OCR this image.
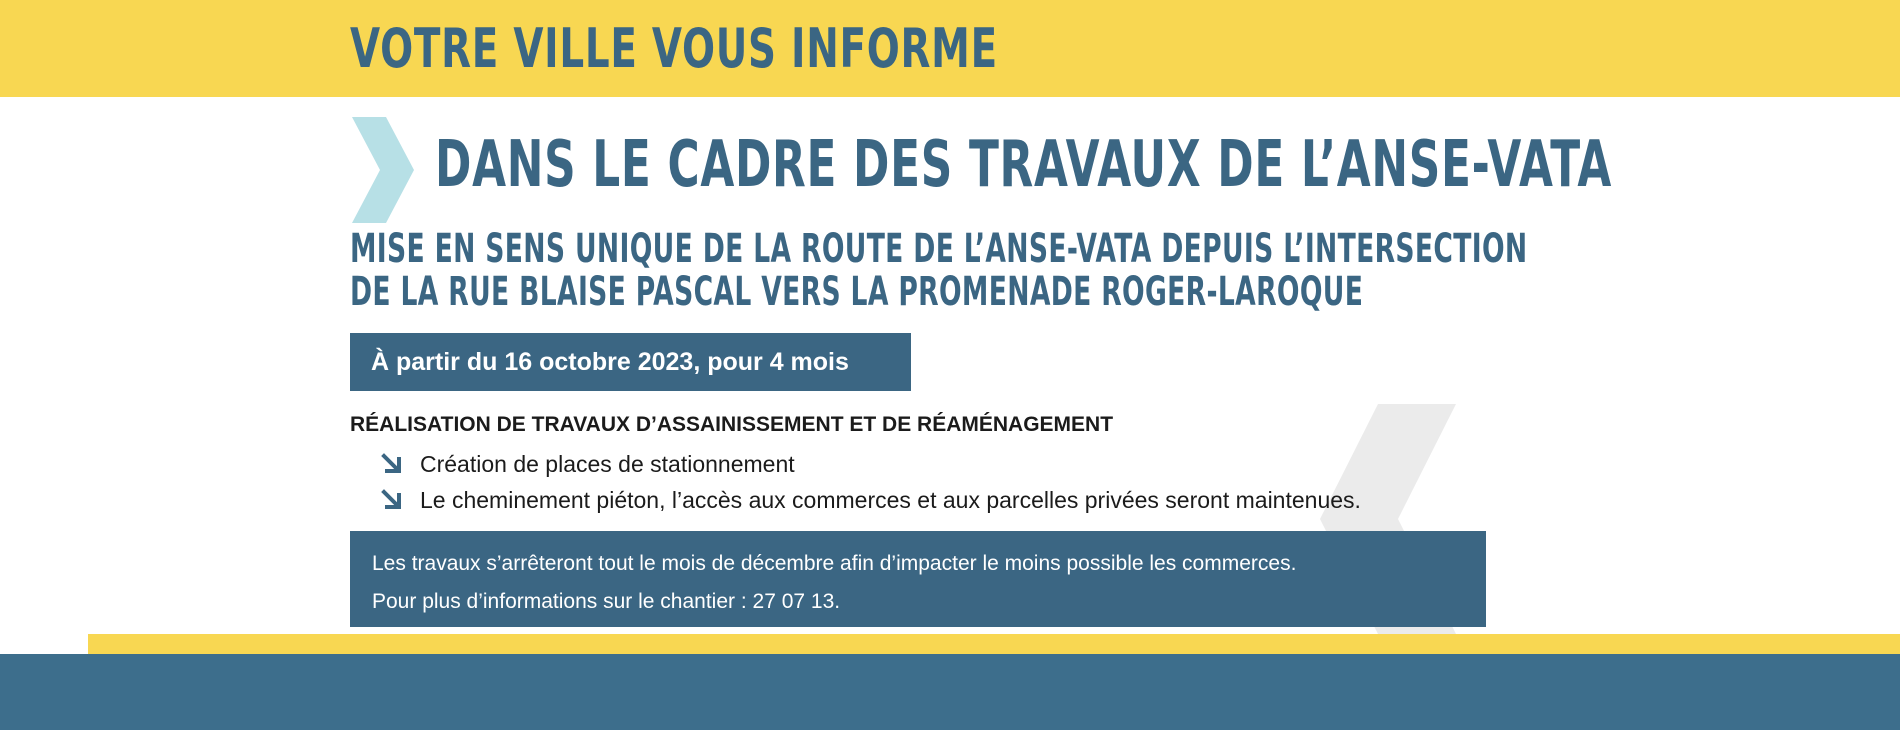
VOTRE VILLE VOUS INFORME
DANS LE CADRE DES TRAVAUX DE L’ANSE-VATA
MISE EN SENS UNIQUE DE LA ROUTE DE L’ANSE-VATA DEPUIS L’INTERSECTION
DE LA RUE BLAISE PASCAL VERS LA PROMENADE ROGER-LAROQUE
À partir du 16 octobre 2023, pour 4 mois
RÉALISATION DE TRAVAUX D’ASSAINISSEMENT ET DE RÉAMÉNAGEMENT
Création de places de stationnement
Le cheminement piéton, l’accès aux commerces et aux parcelles privées seront maintenues.
Les travaux s’arrêteront tout le mois de décembre afin d’impacter le moins possible les commerces.
Pour plus d’informations sur le chantier : 27 07 13.
